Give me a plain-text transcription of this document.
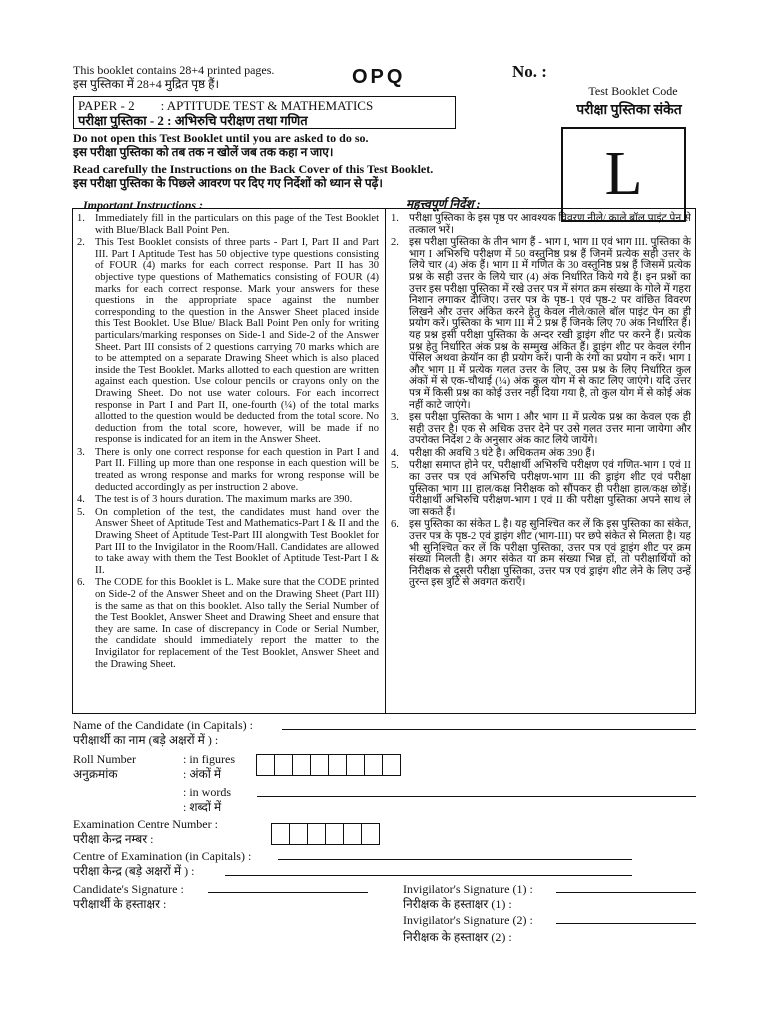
This booklet contains 28+4 printed pages.
इस पुस्तिका में 28+4 मुद्रित पृष्ठ हैं।	OPQ	No. :
Test Booklet Code
परीक्षा पुस्तिका संकेत
L
PAPER - 2        : APTITUDE TEST & MATHEMATICS
परीक्षा पुस्तिका - 2 : अभिरुचि परीक्षण तथा गणित
Do not open this Test Booklet until you are asked to do so.
इस परीक्षा पुस्तिका को तब तक न खोलें जब तक कहा न जाए।
Read carefully the Instructions on the Back Cover of this Test Booklet.
इस परीक्षा पुस्तिका के पिछले आवरण पर दिए गए निर्देशों को ध्यान से पढ़ें।
Important Instructions :	महत्त्वपूर्ण निर्देश :
1. Immediately fill in the particulars on this page of the Test Booklet with Blue/Black Ball Point Pen.
2. This Test Booklet consists of three parts - Part I, Part II and Part III. Part I Aptitude Test has 50 objective type questions consisting of FOUR (4) marks for each correct response. Part II has 30 objective type questions of Mathematics consisting of FOUR (4) marks for each correct response. Mark your answers for these questions in the appropriate space against the number corresponding to the question in the Answer Sheet placed inside this Test Booklet. Use Blue/ Black Ball Point Pen only for writing particulars/marking responses on Side-1 and Side-2 of the Answer Sheet. Part III consists of 2 questions carrying 70 marks which are to be attempted on a separate Drawing Sheet which is also placed inside the Test Booklet. Marks allotted to each question are written against each question. Use colour pencils or crayons only on the Drawing Sheet. Do not use water colours. For each incorrect response in Part I and Part II, one-fourth (¼) of the total marks allotted to the question would be deducted from the total score. No deduction from the total score, however, will be made if no response is indicated for an item in the Answer Sheet.
3. There is only one correct response for each question in Part I and Part II. Filling up more than one response in each question will be treated as wrong response and marks for wrong response will be deducted accordingly as per instruction 2 above.
4. The test is of 3 hours duration. The maximum marks are 390.
5. On completion of the test, the candidates must hand over the Answer Sheet of Aptitude Test and Mathematics-Part I & II and the Drawing Sheet of Aptitude Test-Part III alongwith Test Booklet for Part III to the Invigilator in the Room/Hall. Candidates are allowed to take away with them the Test Booklet of Aptitude Test-Part I & II.
6. The CODE for this Booklet is L. Make sure that the CODE printed on Side-2 of the Answer Sheet and on the Drawing Sheet (Part III) is the same as that on this booklet. Also tally the Serial Number of the Test Booklet, Answer Sheet and Drawing Sheet and ensure that they are same. In case of discrepancy in Code or Serial Number, the candidate should immediately report the matter to the Invigilator for replacement of the Test Booklet, Answer Sheet and the Drawing Sheet.
1. परीक्षा पुस्तिका के इस पृष्ठ पर आवश्यक विवरण नीले/ काले बॉल पाइंट पेन से तत्काल भरें।
2. इस परीक्षा पुस्तिका के तीन भाग हैं - भाग I, भाग II एवं भाग III. पुस्तिका के भाग I अभिरुचि परीक्षण में 50 वस्तुनिष्ठ प्रश्न हैं जिनमें प्रत्येक सही उत्तर के लिये चार (4) अंक हैं। भाग II में गणित के 30 वस्तुनिष्ठ प्रश्न हैं जिसमें प्रत्येक प्रश्न के सही उत्तर के लिये चार (4) अंक निर्धारित किये गये हैं। इन प्रश्नों का उत्तर इस परीक्षा पुस्तिका में रखे उत्तर पत्र में संगत क्रम संख्या के गोले में गहरा निशान लगाकर दीजिए। उत्तर पत्र के पृष्ठ-1 एवं पृष्ठ-2 पर वांछित विवरण लिखने और उत्तर अंकित करने हेतु केवल नीले/काले बॉल पाइंट पेन का ही प्रयोग करें। पुस्तिका के भाग III में 2 प्रश्न हैं जिनके लिए 70 अंक निर्धारित हैं। यह प्रश्न इसी परीक्षा पुस्तिका के अन्दर रखी ड्राइंग शीट पर करने हैं। प्रत्येक प्रश्न हेतु निर्धारित अंक प्रश्न के सम्मुख अंकित हैं। ड्राइंग शीट पर केवल रंगीन पेंसिल अथवा क्रेयॉन का ही प्रयोग करें। पानी के रंगों का प्रयोग न करें। भाग I और भाग II में प्रत्येक गलत उत्तर के लिए, उस प्रश्न के लिए निर्धारित कुल अंकों में से एक-चौथाई (¼) अंक कुल योग में से काट लिए जाएंगे। यदि उत्तर पत्र में किसी प्रश्न का कोई उत्तर नहीं दिया गया है, तो कुल योग में से कोई अंक नहीं काटे जाएंगे।
3. इस परीक्षा पुस्तिका के भाग I और भाग II में प्रत्येक प्रश्न का केवल एक ही सही उत्तर है। एक से अधिक उत्तर देने पर उसे गलत उत्तर माना जायेगा और उपरोक्त निर्देश 2 के अनुसार अंक काट लिये जायेंगे।
4. परीक्षा की अवधि 3 घंटे है। अधिकतम अंक 390 हैं।
5. परीक्षा समाप्त होने पर, परीक्षार्थी अभिरुचि परीक्षण एवं गणित-भाग I एवं II का उत्तर पत्र एवं अभिरुचि परीक्षण-भाग III की ड्राइंग शीट एवं परीक्षा पुस्तिका भाग III हाल/कक्ष निरीक्षक को सौंपकर ही परीक्षा हाल/कक्ष छोड़ें। परीक्षार्थी अभिरुचि परीक्षण-भाग I एवं II की परीक्षा पुस्तिका अपने साथ ले जा सकते हैं।
6. इस पुस्तिका का संकेत L है। यह सुनिश्चित कर लें कि इस पुस्तिका का संकेत, उत्तर पत्र के पृष्ठ-2 एवं ड्राइंग शीट (भाग-III) पर छपे संकेत से मिलता है। यह भी सुनिश्चित कर लें कि परीक्षा पुस्तिका, उत्तर पत्र एवं ड्राइंग शीट पर क्रम संख्या मिलती है। अगर संकेत या क्रम संख्या भिन्न हों, तो परीक्षार्थियों को निरीक्षक से दूसरी परीक्षा पुस्तिका, उत्तर पत्र एवं ड्राइंग शीट लेने के लिए उन्हें तुरन्त इस त्रुटि से अवगत कराएँ।
Name of the Candidate (in Capitals) :
परीक्षार्थी का नाम (बड़े अक्षरों में ) :
Roll Number
अनुक्रमांक
: in figures
: अंकों में
: in words
: शब्दों में
Examination Centre Number :
परीक्षा केन्द्र नम्बर :
Centre of Examination (in Capitals) :
परीक्षा केन्द्र (बड़े अक्षरों में ) :
Candidate's Signature :
परीक्षार्थी के हस्ताक्षर :
Invigilator's Signature (1) :
निरीक्षक के हस्ताक्षर (1) :
Invigilator's Signature (2) :
निरीक्षक के हस्ताक्षर (2) :
